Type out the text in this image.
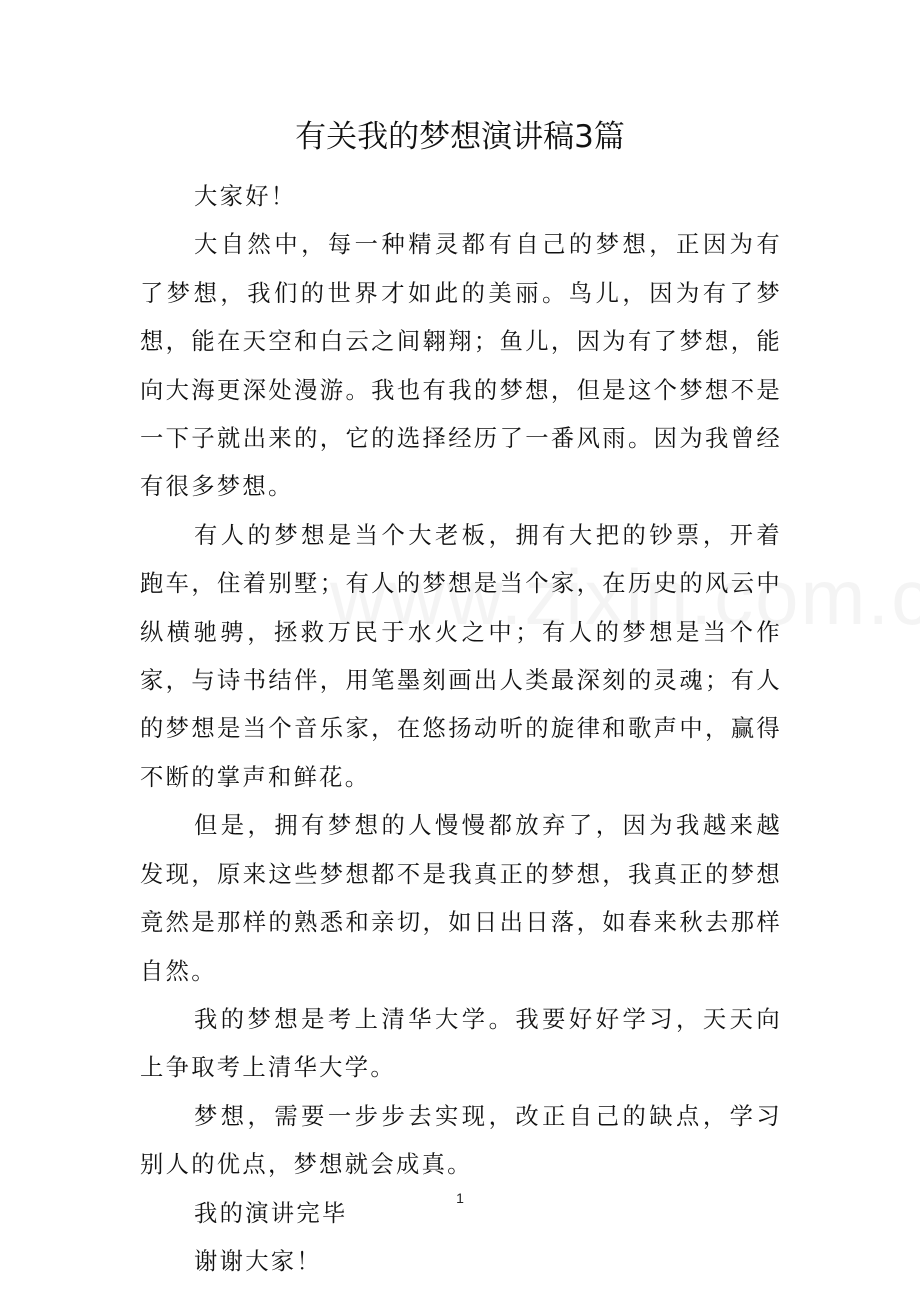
有关我的梦想演讲稿3篇

大家好！

大自然中，每一种精灵都有自己的梦想，正因为有了梦想，我们的世界才如此的美丽。鸟儿，因为有了梦想，能在天空和白云之间翱翔；鱼儿，因为有了梦想，能向大海更深处漫游。我也有我的梦想，但是这个梦想不是一下子就出来的，它的选择经历了一番风雨。因为我曾经有很多梦想。

有人的梦想是当个大老板，拥有大把的钞票，开着跑车，住着别墅；有人的梦想是当个家，在历史的风云中纵横驰骋，拯救万民于水火之中；有人的梦想是当个作家，与诗书结伴，用笔墨刻画出人类最深刻的灵魂；有人的梦想是当个音乐家，在悠扬动听的旋律和歌声中，赢得不断的掌声和鲜花。

但是，拥有梦想的人慢慢都放弃了，因为我越来越发现，原来这些梦想都不是我真正的梦想，我真正的梦想竟然是那样的熟悉和亲切，如日出日落，如春来秋去那样自然。

我的梦想是考上清华大学。我要好好学习，天天向上争取考上清华大学。

梦想，需要一步步去实现，改正自己的缺点，学习别人的优点，梦想就会成真。

我的演讲完毕

谢谢大家！

1
